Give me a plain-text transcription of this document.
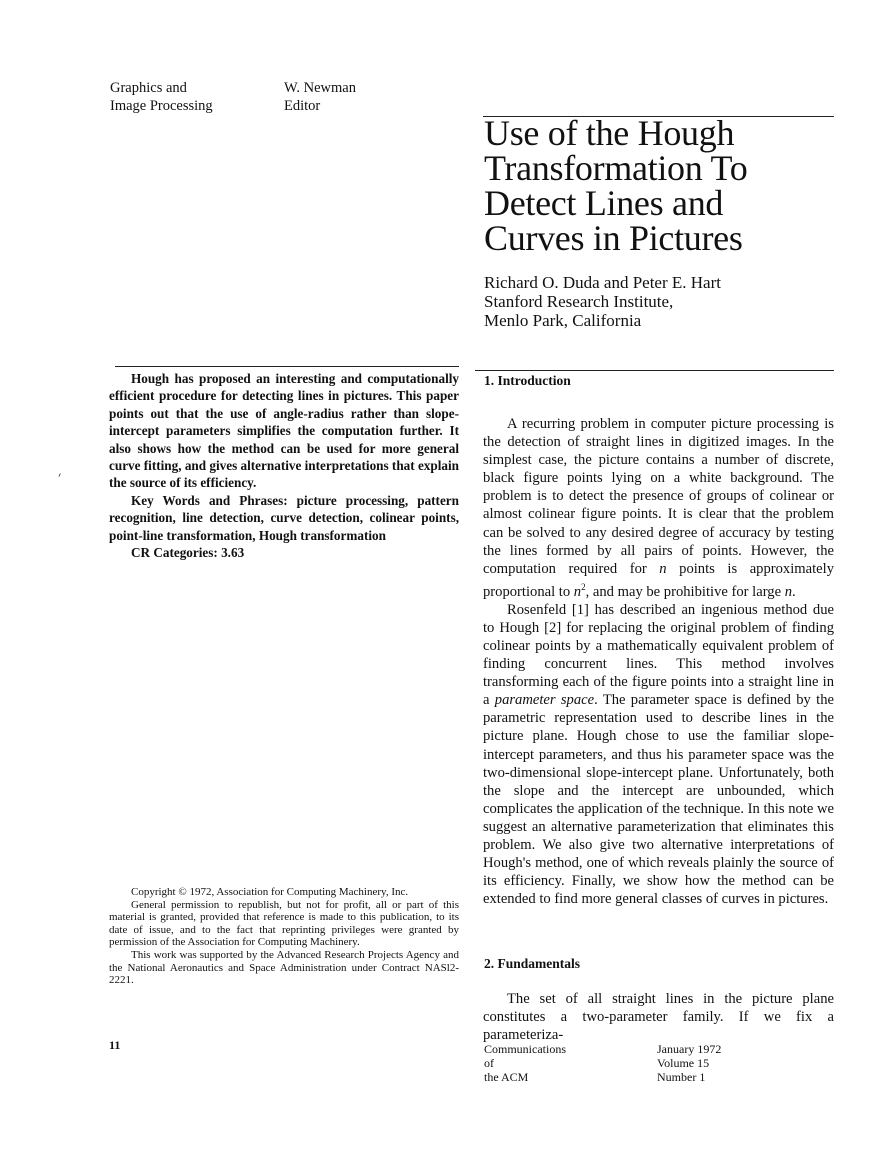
Graphics and
Image Processing
W. Newman
Editor
Use of the Hough
Transformation To
Detect Lines and
Curves in Pictures
Richard O. Duda and Peter E. Hart
Stanford Research Institute,
Menlo Park, California
׳

Hough has proposed an interesting and computationally efficient procedure for detecting lines in pictures. This paper points out that the use of angle-radius rather than slope-intercept parameters simplifies the computation further. It also shows how the method can be used for more general curve fitting, and gives alternative interpretations that explain the source of its efficiency.

Key Words and Phrases: picture processing, pattern recognition, line detection, curve detection, colinear points, point-line transformation, Hough transformation

CR Categories: 3.63

Copyright © 1972, Association for Computing Machinery, Inc.

General permission to republish, but not for profit, all or part of this material is granted, provided that reference is made to this publication, to its date of issue, and to the fact that reprinting privileges were granted by permission of the Association for Computing Machinery.

This work was supported by the Advanced Research Projects Agency and the National Aeronautics and Space Administration under Contract NASl2-2221.

1. Introduction

A recurring problem in computer picture processing is the detection of straight lines in digitized images. In the simplest case, the picture contains a number of discrete, black figure points lying on a white background. The problem is to detect the presence of groups of colinear or almost colinear figure points. It is clear that the problem can be solved to any desired degree of accuracy by testing the lines formed by all pairs of points. However, the computation required for n points is approximately proportional to $n^2$, and may be prohibitive for large n.

Rosenfeld [1] has described an ingenious method due to Hough [2] for replacing the original problem of finding colinear points by a mathematically equivalent problem of finding concurrent lines. This method involves transforming each of the figure points into a straight line in a parameter space. The parameter space is defined by the parametric representation used to describe lines in the picture plane. Hough chose to use the familiar slope-intercept parameters, and thus his parameter space was the two-dimensional slope-intercept plane. Unfortunately, both the slope and the intercept are unbounded, which complicates the application of the technique. In this note we suggest an alternative parameterization that eliminates this problem. We also give two alternative interpretations of Hough's method, one of which reveals plainly the source of its efficiency. Finally, we show how the method can be extended to find more general classes of curves in pictures.

2. Fundamentals

The set of all straight lines in the picture plane constitutes a two-parameter family. If we fix a parameteriza-

11	Communications
of
the ACM
January 1972
Volume 15
Number 1
